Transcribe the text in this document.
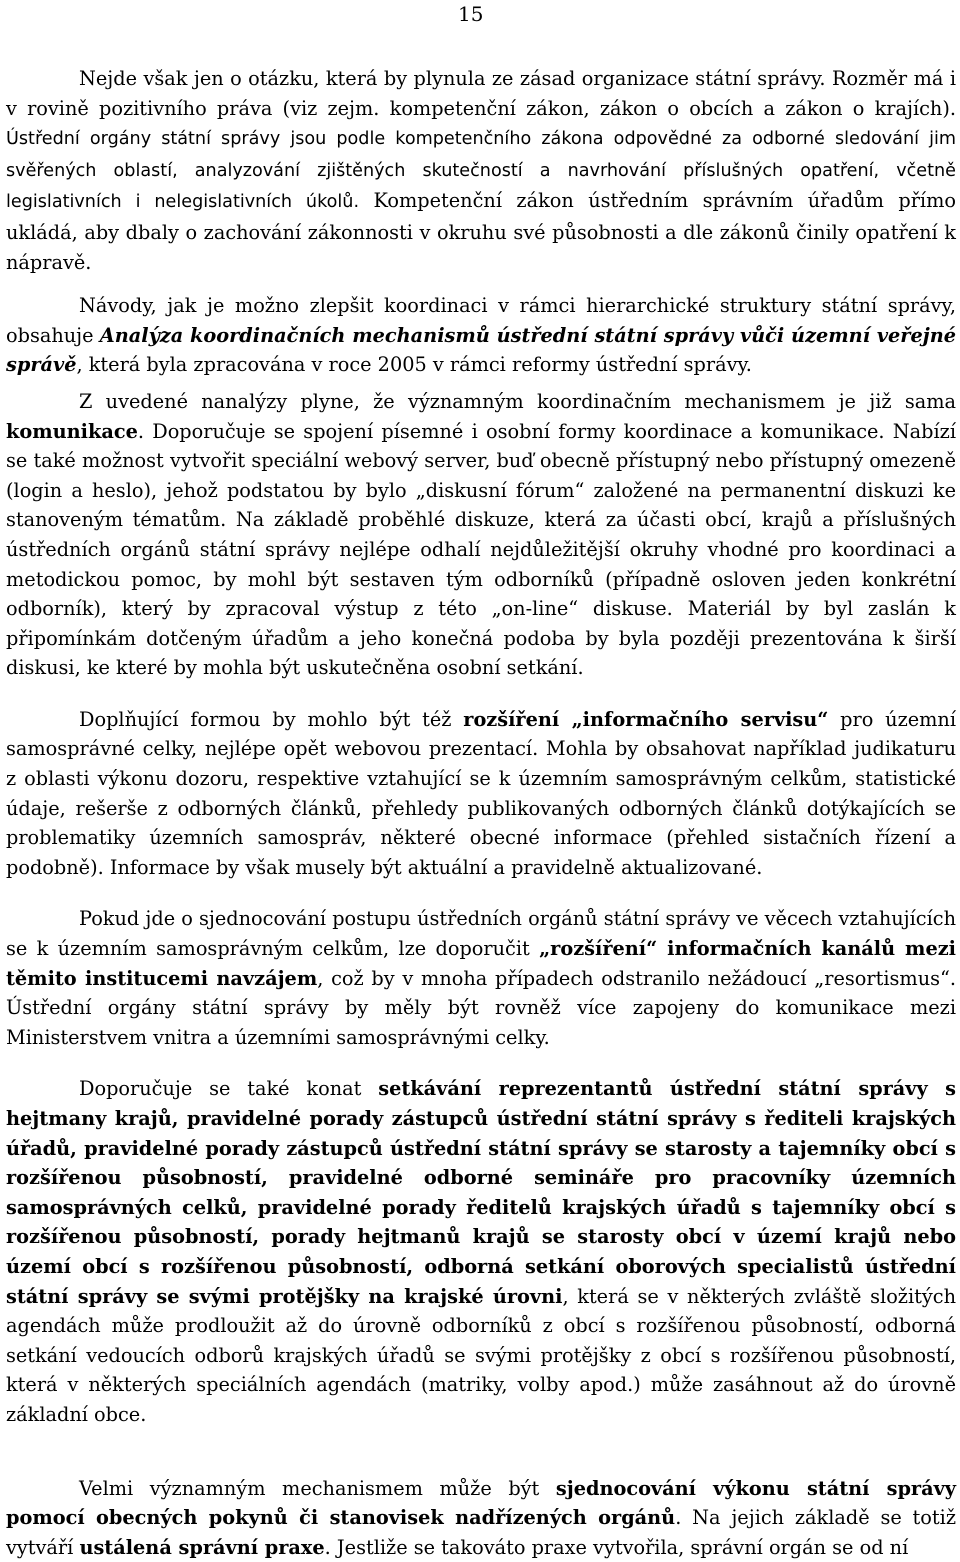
15

Nejde však jen o otázku, která by plynula ze zásad organizace státní správy. Rozměr má i v rovině pozitivního práva (viz zejm. kompetenční zákon, zákon o obcích a zákon o krajích). Ústřední orgány státní správy jsou podle kompetenčního zákona odpovědné za odborné sledování jim svěřených oblastí, analyzování zjištěných skutečností a navrhování příslušných opatření, včetně legislativních i nelegislativních úkolů. Kompetenční zákon ústředním správním úřadům přímo ukládá, aby dbaly o zachování zákonnosti v okruhu své působnosti a dle zákonů činily opatření k nápravě.

Návody, jak je možno zlepšit koordinaci v rámci hierarchické struktury státní správy, obsahuje Analýza koordinačních mechanismů ústřední státní správy vůči územní veřejné správě, která byla zpracována v roce 2005 v rámci reformy ústřední správy.

Z uvedené nanalýzy plyne, že významným koordinačním mechanismem je již sama komunikace. Doporučuje se spojení písemné i osobní formy koordinace a komunikace. Nabízí se také možnost vytvořit speciální webový server, buď obecně přístupný nebo přístupný omezeně (login a heslo), jehož podstatou by bylo „diskusní fórum“ založené na permanentní diskuzi ke stanoveným tématům. Na základě proběhlé diskuze, která za účasti obcí, krajů a příslušných ústředních orgánů státní správy nejlépe odhalí nejdůležitější okruhy vhodné pro koordinaci a metodickou pomoc, by mohl být sestaven tým odborníků (případně osloven jeden konkrétní odborník), který by zpracoval výstup z této „on-line“ diskuse. Materiál by byl zaslán k připomínkám dotčeným úřadům a jeho konečná podoba by byla později prezentována k širší diskusi, ke které by mohla být uskutečněna osobní setkání.

Doplňující formou by mohlo být též rozšíření „informačního servisu“ pro územní samosprávné celky, nejlépe opět webovou prezentací. Mohla by obsahovat například judikaturu z oblasti výkonu dozoru, respektive vztahující se k územním samosprávným celkům, statistické údaje, rešerše z odborných článků, přehledy publikovaných odborných článků dotýkajících se problematiky územních samospráv, některé obecné informace (přehled sistačních řízení a podobně). Informace by však musely být aktuální a pravidelně aktualizované.

Pokud jde o sjednocování postupu ústředních orgánů státní správy ve věcech vztahujících se k územním samosprávným celkům, lze doporučit „rozšíření“ informačních kanálů mezi těmito institucemi navzájem, což by v mnoha případech odstranilo nežádoucí „resortismus“. Ústřední orgány státní správy by měly být rovněž více zapojeny do komunikace mezi Ministerstvem vnitra a územními samosprávnými celky.

Doporučuje se také konat setkávání reprezentantů ústřední státní správy s hejtmany krajů, pravidelné porady zástupců ústřední státní správy s řediteli krajských úřadů, pravidelné porady zástupců ústřední státní správy se starosty a tajemníky obcí s rozšířenou působností, pravidelné odborné semináře pro pracovníky územních samosprávných celků, pravidelné porady ředitelů krajských úřadů s tajemníky obcí s rozšířenou působností, porady hejtmanů krajů se starosty obcí v území krajů nebo území obcí s rozšířenou působností, odborná setkání oborových specialistů ústřední státní správy se svými protějšky na krajské úrovni, která se v některých zvláště složitých agendách může prodloužit až do úrovně odborníků z obcí s rozšířenou působností, odborná setkání vedoucích odborů krajských úřadů se svými protějšky z obcí s rozšířenou působností, která v některých speciálních agendách (matriky, volby apod.) může zasáhnout až do úrovně základní obce.

Velmi významným mechanismem může být sjednocování výkonu státní správy pomocí obecných pokynů či stanovisek nadřízených orgánů. Na jejich základě se totiž vytváří ustálená správní praxe. Jestliže se takováto praxe vytvořila, správní orgán se od ní
